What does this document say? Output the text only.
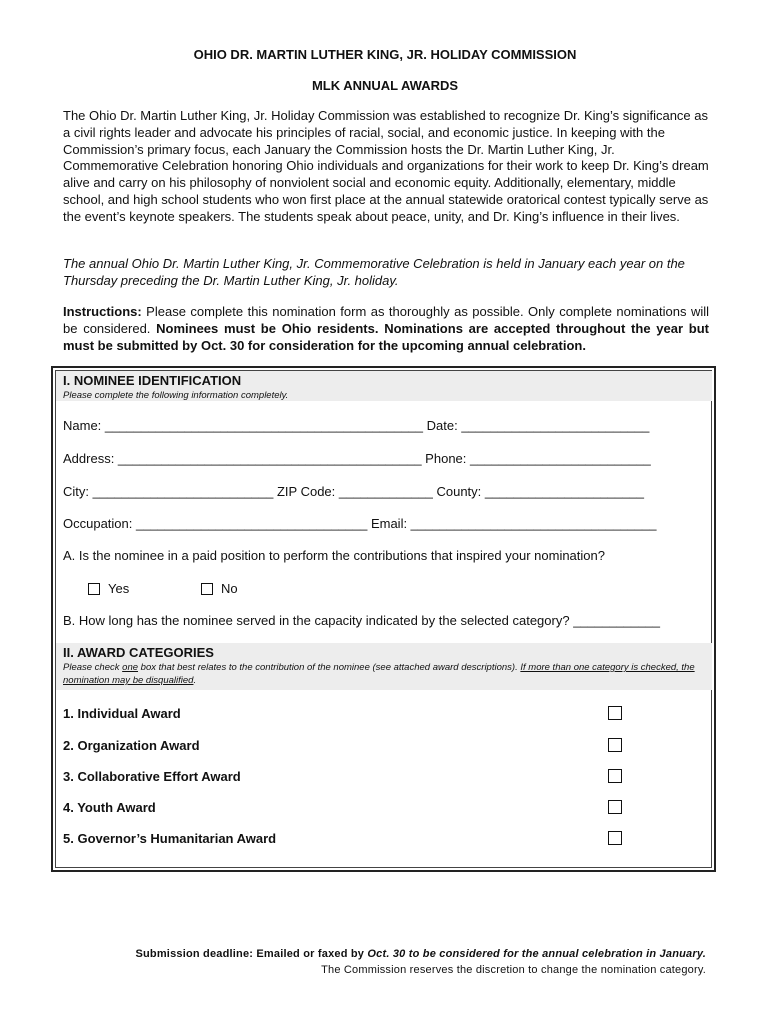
OHIO DR. MARTIN LUTHER KING, JR. HOLIDAY COMMISSION
MLK ANNUAL AWARDS

The Ohio Dr. Martin Luther King, Jr. Holiday Commission was established to recognize Dr. King’s significance as a civil rights leader and advocate his principles of racial, social, and economic justice. In keeping with the Commission’s primary focus, each January the Commission hosts the Dr. Martin Luther King, Jr. Commemorative Celebration honoring Ohio individuals and organizations for their work to keep Dr. King’s dream alive and carry on his philosophy of nonviolent social and economic equity. Additionally, elementary, middle school, and high school students who won first place at the annual statewide oratorical contest typically serve as the event’s keynote speakers. The students speak about peace, unity, and Dr. King’s influence in their lives.

The annual Ohio Dr. Martin Luther King, Jr. Commemorative Celebration is held in January each year on the Thursday preceding the Dr. Martin Luther King, Jr. holiday.

Instructions: Please complete this nomination form as thoroughly as possible. Only complete nominations will be considered. Nominees must be Ohio residents. Nominations are accepted throughout the year but must be submitted by Oct. 30 for consideration for the upcoming annual celebration.

I. NOMINEE IDENTIFICATION
Please complete the following information completely.
Name: ____________________________________________ Date: __________________________
Address: __________________________________________ Phone: _________________________
City: _________________________ ZIP Code: _____________ County: ______________________
Occupation: ________________________________ Email: __________________________________
A. Is the nominee in a paid position to perform the contributions that inspired your nomination?
Yes	No
B. How long has the nominee served in the capacity indicated by the selected category? ____________
II. AWARD CATEGORIES
Please check one box that best relates to the contribution of the nominee (see attached award descriptions). If more than one category is checked, the nomination may be disqualified.
1. Individual Award
2. Organization Award
3. Collaborative Effort Award
4. Youth Award
5. Governor’s Humanitarian Award
Submission deadline: Emailed or faxed by Oct. 30 to be considered for the annual celebration in January.
The Commission reserves the discretion to change the nomination category.
